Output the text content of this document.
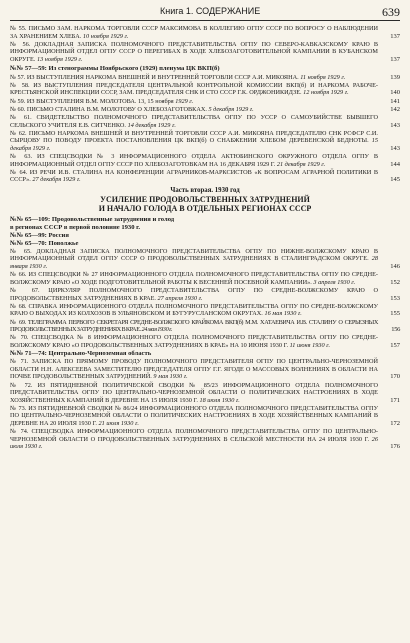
Книга 1. СОДЕРЖАНИЕ	639
№ 55. ПИСЬМО ЗАМ. НАРКОМА ТОРГОВЛИ СССР МАКСИМОВА В КОЛЛЕГИЮ ОГПУ СССР ПО ВОПРОСУ О НАБЛЮДЕНИИ ЗА ХРАНЕНИЕМ ХЛЕБА. 10 ноября 1929 г.	137
№ 56. ДОКЛАДНАЯ ЗАПИСКА ПОЛНОМОЧНОГО ПРЕДСТАВИТЕЛЬСТВА ОГПУ ПО СЕВЕРО-КАВКАЗСКОМУ КРАЮ В ИНФОРМАЦИОННЫЙ ОТДЕЛ ОГПУ СССР О ПЕРЕГИБАХ В ХОДЕ ХЛЕБОЗАГОТОВИТЕЛЬНОЙ КАМПАНИИ В КУБАНСКОМ ОКРУГЕ. 13 ноября 1929 г.	137
№№ 57—59: Из стенограммы Ноябрьского (1929) пленума ЦК ВКП(б)
№ 57. ИЗ ВЫСТУПЛЕНИЯ НАРКОМА ВНЕШНЕЙ И ВНУТРЕННЕЙ ТОРГОВЛИ СССР А.И. МИКОЯНА. 11 ноября 1929 г.	139
№ 58. ИЗ ВЫСТУПЛЕНИЯ ПРЕДСЕДАТЕЛЯ ЦЕНТРАЛЬНОЙ КОНТРОЛЬНОЙ КОМИССИИ ВКП(б) И НАРКОМА РАБОЧЕ-КРЕСТЬЯНСКОЙ ИНСПЕКЦИИ СССР, ЗАМ. ПРЕДСЕДАТЕЛЯ СНК И СТО СССР Г.К. ОРДЖОНИКИДЗЕ. 12 ноября 1929 г.	140
№ 59. ИЗ ВЫСТУПЛЕНИЯ В.М. МОЛОТОВА. 13, 15 ноября 1929 г.	141
№ 60. ПИСЬМО СТАЛИНА В.М. МОЛОТОВУ О ХЛЕБОЗАГОТОВКАХ. 5 декабря 1929 г.	142
№ 61. СВИДЕТЕЛЬСТВО ПОЛНОМОЧНОГО ПРЕДСТАВИТЕЛЬСТВА ОГПУ ПО УССР О САМОУБИЙСТВЕ БЫВШЕГО СЕЛЬСКОГО УЧИТЕЛЯ Е.В. СИТЧЕНКО. 14 декабря 1929 г.	143
№ 62. ПИСЬМО НАРКОМА ВНЕШНЕЙ И ВНУТРЕННЕЙ ТОРГОВЛИ СССР А.И. МИКОЯНА ПРЕДСЕДАТЕЛЮ СНК РСФСР С.И. СЫРЦОВУ ПО ПОВОДУ ПРОЕКТА ПОСТАНОВЛЕНИЯ ЦК ВКП(б) О СНАБЖЕНИИ ХЛЕБОМ ДЕРЕВЕНСКОЙ БЕДНОТЫ. 15 декабря 1929 г.	143
№ 63. ИЗ СПЕЦСВОДКИ № 3 ИНФОРМАЦИОННОГО ОТДЕЛА АКТЮБИНСКОГО ОКРУЖНОГО ОТДЕЛА ОГПУ В ИНФОРМАЦИОННЫЙ ОТДЕЛ ОГПУ СССР ПО ХЛЕБОЗАГОТОВКАМ НА 16 ДЕКАБРЯ 1929 Г. 21 декабря 1929 г.	144
№ 64. ИЗ РЕЧИ И.В. СТАЛИНА НА КОНФЕРЕНЦИИ АГРАРНИКОВ-МАРКСИСТОВ «К ВОПРОСАМ АГРАРНОЙ ПОЛИТИКИ В СССР». 27 декабря 1929 г.	145
Часть вторая. 1930 год
УСИЛЕНИЕ ПРОДОВОЛЬСТВЕННЫХ ЗАТРУДНЕНИЙ
И НАЧАЛО ГОЛОДА В ОТДЕЛЬНЫХ РЕГИОНАХ СССР
№№ 65—109: Продовольственные затруднения и голод
в регионах СССР в первой половине 1930 г.
№№ 65—99: Россия
№№ 65—70: Поволжье
№ 65. ДОКЛАДНАЯ ЗАПИСКА ПОЛНОМОЧНОГО ПРЕДСТАВИТЕЛЬСТВА ОГПУ ПО НИЖНЕ-ВОЛЖСКОМУ КРАЮ В ИНФОРМАЦИОННЫЙ ОТДЕЛ ОГПУ СССР О ПРОДОВОЛЬСТВЕННЫХ ЗАТРУДНЕНИЯХ В СТАЛИНГРАДСКОМ ОКРУГЕ. 28 января 1930 г.	146
№ 66. ИЗ СПЕЦСВОДКИ № 27 ИНФОРМАЦИОННОГО ОТДЕЛА ПОЛНОМОЧНОГО ПРЕДСТАВИТЕЛЬСТВА ОГПУ ПО СРЕДНЕ-ВОЛЖСКОМУ КРАЮ «О ХОДЕ ПОДГОТОВИТЕЛЬНОЙ РАБОТЫ К ВЕСЕННЕЙ ПОСЕВНОЙ КАМПАНИИ». 3 апреля 1930 г.	152
№ 67. ЦИРКУЛЯР ПОЛНОМОЧНОГО ПРЕДСТАВИТЕЛЬСТВА ОГПУ ПО СРЕДНЕ-ВОЛЖСКОМУ КРАЮ О ПРОДОВОЛЬСТВЕННЫХ ЗАТРУДНЕНИЯХ В КРАЕ. 27 апреля 1930 г.	153
№ 68. СПРАВКА ИНФОРМАЦИОННОГО ОТДЕЛА ПОЛНОМОЧНОГО ПРЕДСТАВИТЕЛЬСТВА ОГПУ ПО СРЕДНЕ-ВОЛЖСКОМУ КРАЮ О ВЫХОДАХ ИЗ КОЛХОЗОВ В УЛЬЯНОВСКОМ И БУГУРУСЛАНСКОМ ОКРУГАХ. 16 мая 1930 г.	155
№ 69. ТЕЛЕГРАММА ПЕРВОГО СЕКРЕТАРЯ СРЕДНЕ-ВОЛЖСКОГО КРАЙКОМА ВКП(б) М.М. ХАТАЕВИЧА И.В. СТАЛИНУ О СЕРЬЕЗНЫХ ПРОДОВОЛЬСТВЕННЫХ ЗАТРУДНЕНИЯХ В КРАЕ. 24 мая 1930 г.	156
№ 70. СПЕЦСВОДКА № 8 ИНФОРМАЦИОННОГО ОТДЕЛА ПОЛНОМОЧНОГО ПРЕДСТАВИТЕЛЬСТВА ОГПУ ПО СРЕДНЕ-ВОЛЖСКОМУ КРАЮ «О ПРОДОВОЛЬСТВЕННЫХ ЗАТРУДНЕНИЯХ В КРАЕ» НА 10 ИЮНЯ 1930 Г. 11 июня 1930 г.	157
№№ 71—74: Центрально-Черноземная область
№ 71. ЗАПИСКА ПО ПРЯМОМУ ПРОВОДУ ПОЛНОМОЧНОГО ПРЕДСТАВИТЕЛЯ ОГПУ ПО ЦЕНТРАЛЬНО-ЧЕРНОЗЕМНОЙ ОБЛАСТИ Н.Н. АЛЕКСЕЕВА ЗАМЕСТИТЕЛЮ ПРЕДСЕДАТЕЛЯ ОГПУ Г.Г. ЯГОДЕ О МАССОВЫХ ВОЛНЕНИЯХ В ОБЛАСТИ НА ПОЧВЕ ПРОДОВОЛЬСТВЕННЫХ ЗАТРУДНЕНИЙ. 9 мая 1930 г.	170
№ 72. ИЗ ПЯТИДНЕВНОЙ ПОЛИТИЧЕСКОЙ СВОДКИ № 85/23 ИНФОРМАЦИОННОГО ОТДЕЛА ПОЛНОМОЧНОГО ПРЕДСТАВИТЕЛЬСТВА ОГПУ ПО ЦЕНТРАЛЬНО-ЧЕРНОЗЕМНОЙ ОБЛАСТИ О ПОЛИТИЧЕСКИХ НАСТРОЕНИЯХ В ХОДЕ ХОЗЯЙСТВЕННЫХ КАМПАНИЙ В ДЕРЕВНЕ НА 15 ИЮЛЯ 1930 Г. 18 июля 1930 г.	171
№ 73. ИЗ ПЯТИДНЕВНОЙ СВОДКИ № 86/24 ИНФОРМАЦИОННОГО ОТДЕЛА ПОЛНОМОЧНОГО ПРЕДСТАВИТЕЛЬСТВА ОГПУ ПО ЦЕНТРАЛЬНО-ЧЕРНОЗЕМНОЙ ОБЛАСТИ О ПОЛИТИЧЕСКИХ НАСТРОЕНИЯХ В ХОДЕ ХОЗЯЙСТВЕННЫХ КАМПАНИЙ В ДЕРЕВНЕ НА 20 ИЮЛЯ 1930 Г. 21 июля 1930 г.	172
№ 74. СПЕЦСВОДКА ИНФОРМАЦИОННОГО ОТДЕЛА ПОЛНОМОЧНОГО ПРЕДСТАВИТЕЛЬСТВА ОГПУ ПО ЦЕНТРАЛЬНО-ЧЕРНОЗЕМНОЙ ОБЛАСТИ О ПРОДОВОЛЬСТВЕННЫХ ЗАТРУДНЕНИЯХ В СЕЛЬСКОЙ МЕСТНОСТИ НА 24 ИЮЛЯ 1930 Г. 26 июля 1930 г.	176
